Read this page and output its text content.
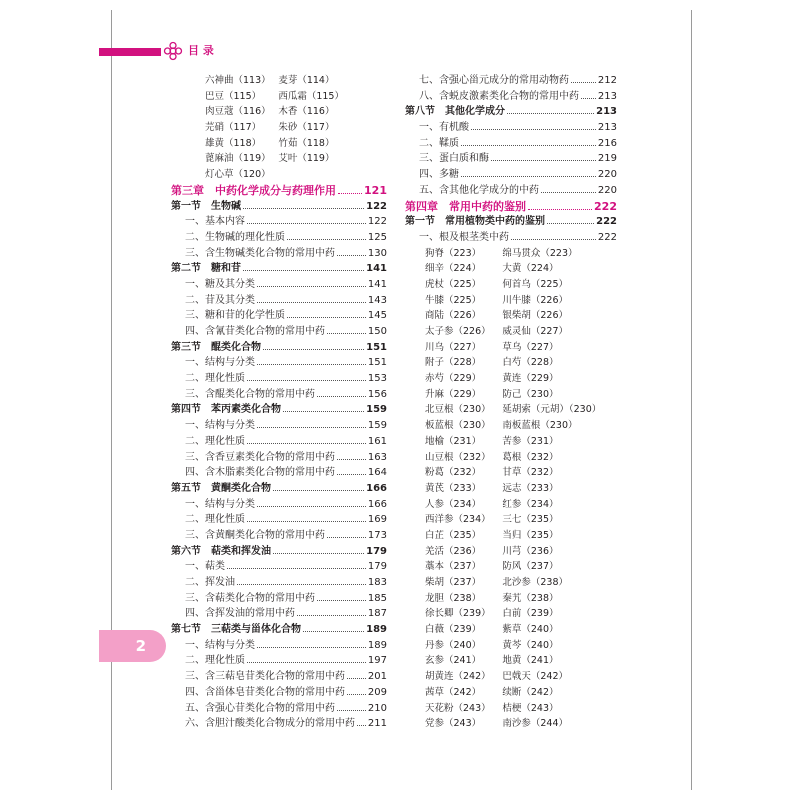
目 录
2
六神曲（113） 麦芽（114）
巴豆（115）	西瓜霜（115）
肉豆蔻（116） 木香（116）
芫硝（117）	朱砂（117）
雄黄（118）	竹茹（118）
蓖麻油（119） 艾叶（119）
灯心草（120）
第三章　中药化学成分与药理作用	121
第一节　生物碱	122
一、基本内容	122
二、生物碱的理化性质	125
三、含生物碱类化合物的常用中药	130
第二节　糖和苷	141
一、糖及其分类	141
二、苷及其分类	143
三、糖和苷的化学性质	145
四、含氰苷类化合物的常用中药	150
第三节　醌类化合物	151
一、结构与分类	151
二、理化性质	153
三、含醌类化合物的常用中药	156
第四节　苯丙素类化合物	159
一、结构与分类	159
二、理化性质	161
三、含香豆素类化合物的常用中药	163
四、含木脂素类化合物的常用中药	164
第五节　黄酮类化合物	166
一、结构与分类	166
二、理化性质	169
三、含黄酮类化合物的常用中药	173
第六节　萜类和挥发油	179
一、萜类	179
二、挥发油	183
三、含萜类化合物的常用中药	185
四、含挥发油的常用中药	187
第七节　三萜类与甾体化合物	189
一、结构与分类	189
二、理化性质	197
三、含三萜皂苷类化合物的常用中药 201
四、含甾体皂苷类化合物的常用中药 209
五、含强心苷类化合物的常用中药	210
六、含胆汁酸类化合物成分的常用中药 211
七、含强心甾元成分的常用动物药	212
八、含蜕皮激素类化合物的常用中药 213
第八节　其他化学成分	213
一、有机酸	213
二、鞣质	216
三、蛋白质和酶	219
四、多糖	220
五、含其他化学成分的中药	220
第四章　常用中药的鉴别	222
第一节　常用植物类中药的鉴别	222
一、根及根茎类中药	222
狗脊（223）	绵马贯众（223）
细辛（224）	大黄（224）
虎杖（225）	何首乌（225）
牛膝（225）	川牛膝（226）
商陆（226）	银柴胡（226）
太子参（226）	威灵仙（227）
川乌（227）	草乌（227）
附子（228）	白芍（228）
赤芍（229）	黄连（229）
升麻（229）	防己（230）
北豆根（230）	延胡索（元胡）（230）
板蓝根（230）	南板蓝根（230）
地榆（231）	苦参（231）
山豆根（232）	葛根（232）
粉葛（232）	甘草（232）
黄芪（233）	远志（233）
人参（234）	红参（234）
西洋参（234）	三七（235）
白芷（235）	当归（235）
羌活（236）	川芎（236）
藁本（237）	防风（237）
柴胡（237）	北沙参（238）
龙胆（238）	秦艽（238）
徐长卿（239）	白前（239）
白薇（239）	紫草（240）
丹参（240）	黄芩（240）
玄参（241）	地黄（241）
胡黄连（242）	巴戟天（242）
茜草（242）	续断（242）
天花粉（243）	桔梗（243）
党参（243）	南沙参（244）
